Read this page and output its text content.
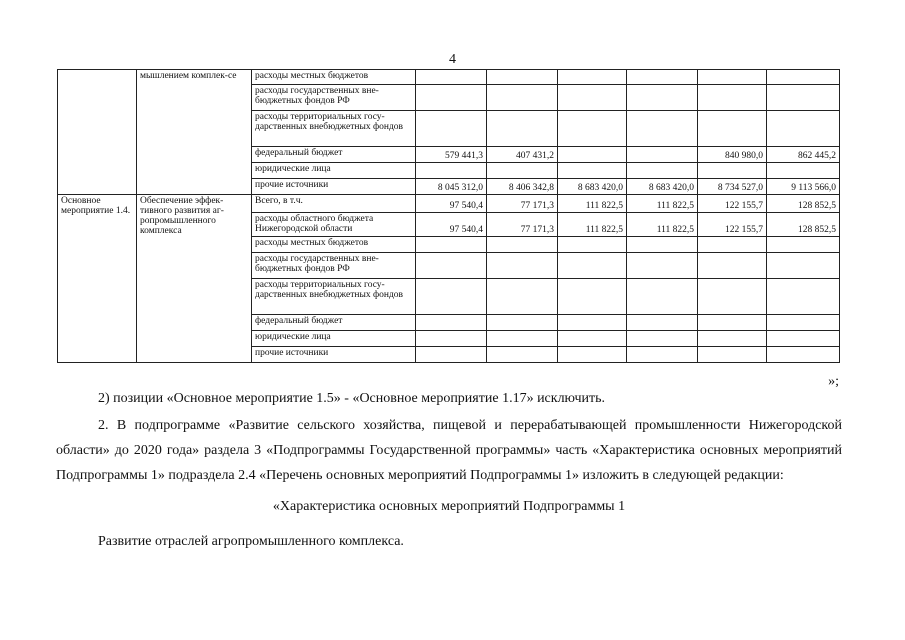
4
	мышлением комплек-се	расходы местных бюджетов						
		расходы государственных вне-бюджетных фондов РФ						
		расходы территориальных госу-дарственных внебюджетных фондов						
		федеральный бюджет	579 441,3	407 431,2			840 980,0	862 445,2
		юридические лица						
		прочие источники	8 045 312,0	8 406 342,8	8 683 420,0	8 683 420,0	8 734 527,0	9 113 566,0
Основное мероприятие 1.4.	Обеспечение эффек-тивного развития аг-ропромышленного комплекса	Всего, в т.ч.	97 540,4	77 171,3	111 822,5	111 822,5	122 155,7	128 852,5
		расходы областного бюджета Нижегородской области	97 540,4	77 171,3	111 822,5	111 822,5	122 155,7	128 852,5
		расходы местных бюджетов						
		расходы государственных вне-бюджетных фондов РФ						
		расходы территориальных госу-дарственных внебюджетных фондов						
		федеральный бюджет						
		юридические лица						
		прочие источники						
»;

2) позиции «Основное мероприятие 1.5» - «Основное мероприятие 1.17» исключить.

2. В подпрограмме «Развитие сельского хозяйства, пищевой и перерабатывающей промышленности Нижегородской области» до 2020 года» раздела 3 «Подпрограммы Государственной программы» часть «Характеристика основных мероприятий Подпрограммы 1» подраздела 2.4 «Перечень основных мероприятий Подпрограммы 1» изложить в следующей редакции:

«Характеристика основных мероприятий Подпрограммы 1

Развитие отраслей агропромышленного комплекса.
